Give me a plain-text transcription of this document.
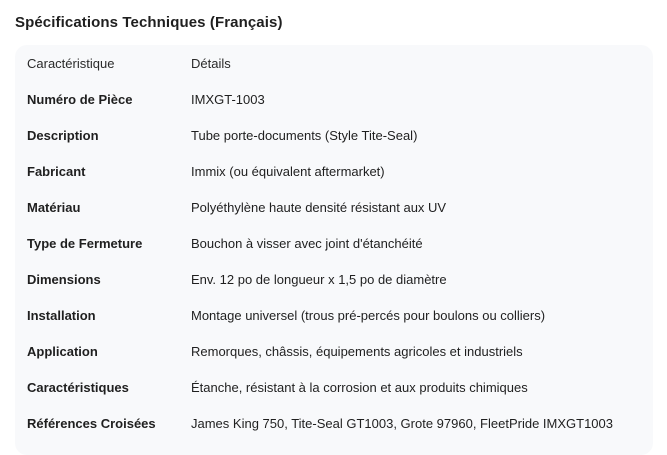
Spécifications Techniques (Français)
Caractéristique	Détails
Numéro de Pièce	IMXGT-1003
Description	Tube porte-documents (Style Tite-Seal)
Fabricant	Immix (ou équivalent aftermarket)
Matériau	Polyéthylène haute densité résistant aux UV
Type de Fermeture	Bouchon à visser avec joint d'étanchéité
Dimensions	Env. 12 po de longueur x 1,5 po de diamètre
Installation	Montage universel (trous pré-percés pour boulons ou colliers)
Application	Remorques, châssis, équipements agricoles et industriels
Caractéristiques	Étanche, résistant à la corrosion et aux produits chimiques
Références Croisées	James King 750, Tite-Seal GT1003, Grote 97960, FleetPride IMXGT1003
